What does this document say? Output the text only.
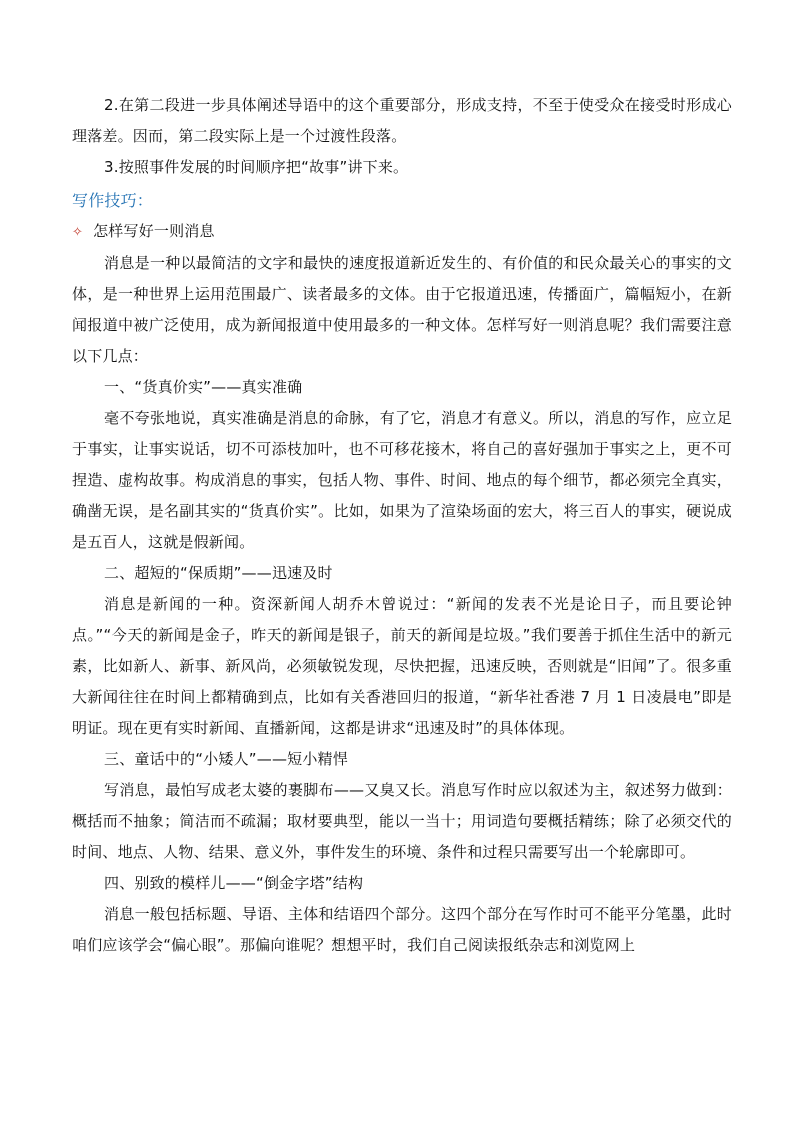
2.在第二段进一步具体阐述导语中的这个重要部分，形成支持，不至于使受众在接受时形成心理落差。因而，第二段实际上是一个过渡性段落。

3.按照事件发展的时间顺序把“故事”讲下来。

写作技巧：

✧ 怎样写好一则消息

消息是一种以最简洁的文字和最快的速度报道新近发生的、有价值的和民众最关心的事实的文体，是一种世界上运用范围最广、读者最多的文体。由于它报道迅速，传播面广，篇幅短小，在新闻报道中被广泛使用，成为新闻报道中使用最多的一种文体。怎样写好一则消息呢？我们需要注意以下几点：

一、“货真价实”——真实准确

毫不夸张地说，真实准确是消息的命脉，有了它，消息才有意义。所以，消息的写作，应立足于事实，让事实说话，切不可添枝加叶，也不可移花接木，将自己的喜好强加于事实之上，更不可捏造、虚构故事。构成消息的事实，包括人物、事件、时间、地点的每个细节，都必须完全真实，确凿无误，是名副其实的“货真价实”。比如，如果为了渲染场面的宏大，将三百人的事实，硬说成是五百人，这就是假新闻。

二、超短的“保质期”——迅速及时

消息是新闻的一种。资深新闻人胡乔木曾说过：“新闻的发表不光是论日子，而且要论钟点。”“今天的新闻是金子，昨天的新闻是银子，前天的新闻是垃圾。”我们要善于抓住生活中的新元素，比如新人、新事、新风尚，必须敏锐发现，尽快把握，迅速反映，否则就是“旧闻”了。很多重大新闻往往在时间上都精确到点，比如有关香港回归的报道，“新华社香港 7 月 1 日凌晨电”即是明证。现在更有实时新闻、直播新闻，这都是讲求“迅速及时”的具体体现。

三、童话中的“小矮人”——短小精悍

写消息，最怕写成老太婆的裹脚布——又臭又长。消息写作时应以叙述为主，叙述努力做到：概括而不抽象；简洁而不疏漏；取材要典型，能以一当十；用词造句要概括精练；除了必须交代的时间、地点、人物、结果、意义外，事件发生的环境、条件和过程只需要写出一个轮廓即可。

四、别致的模样儿——“倒金字塔”结构

消息一般包括标题、导语、主体和结语四个部分。这四个部分在写作时可不能平分笔墨，此时咱们应该学会“偏心眼”。那偏向谁呢？想想平时，我们自己阅读报纸杂志和浏览网上
